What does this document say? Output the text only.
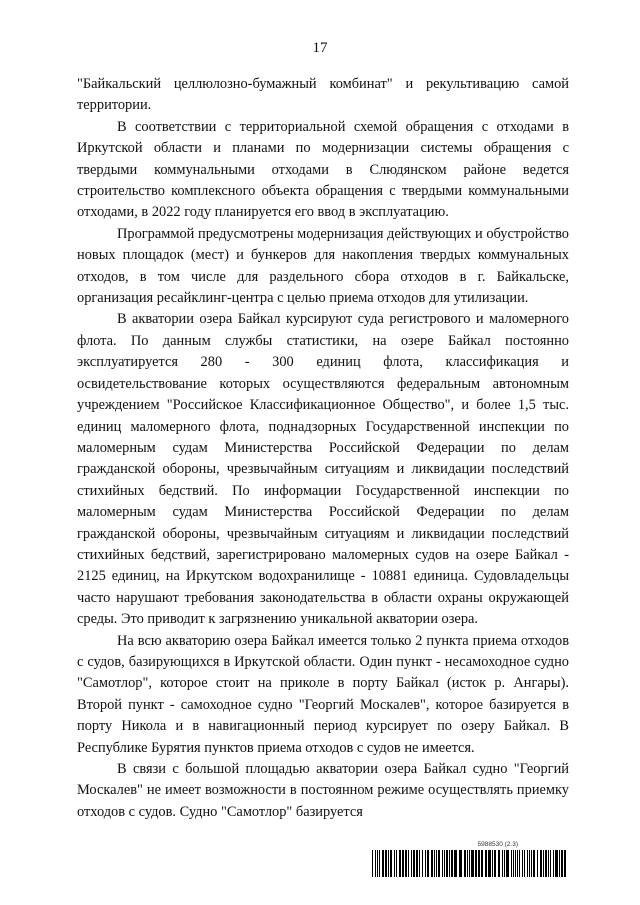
17

"Байкальский целлюлозно-бумажный комбинат" и рекультивацию самой территории.

В соответствии с территориальной схемой обращения с отходами в Иркутской области и планами по модернизации системы обращения с твердыми коммунальными отходами в Слюдянском районе ведется строительство комплексного объекта обращения с твердыми коммунальными отходами, в 2022 году планируется его ввод в эксплуатацию.

Программой предусмотрены модернизация действующих и обустройство новых площадок (мест) и бункеров для накопления твердых коммунальных отходов, в том числе для раздельного сбора отходов в г. Байкальске, организация ресайклинг-центра с целью приема отходов для утилизации.

В акватории озера Байкал курсируют суда регистрового и маломерного флота. По данным службы статистики, на озере Байкал постоянно эксплуатируется 280 - 300 единиц флота, классификация и освидетельствование которых осуществляются федеральным автономным учреждением "Российское Классификационное Общество", и более 1,5 тыс. единиц маломерного флота, поднадзорных Государственной инспекции по маломерным судам Министерства Российской Федерации по делам гражданской обороны, чрезвычайным ситуациям и ликвидации последствий стихийных бедствий. По информации Государственной инспекции по маломерным судам Министерства Российской Федерации по делам гражданской обороны, чрезвычайным ситуациям и ликвидации последствий стихийных бедствий, зарегистрировано маломерных судов на озере Байкал - 2125 единиц, на Иркутском водохранилище - 10881 единица. Судовладельцы часто нарушают требования законодательства в области охраны окружающей среды. Это приводит к загрязнению уникальной акватории озера.

На всю акваторию озера Байкал имеется только 2 пункта приема отходов с судов, базирующихся в Иркутской области. Один пункт - несамоходное судно "Самотлор", которое стоит на приколе в порту Байкал (исток р. Ангары). Второй пункт - самоходное судно "Георгий Москалев", которое базируется в порту Никола и в навигационный период курсирует по озеру Байкал. В Республике Бурятия пунктов приема отходов с судов не имеется.

В связи с большой площадью акватории озера Байкал судно "Георгий Москалев" не имеет возможности в постоянном режиме осуществлять приемку отходов с судов. Судно "Самотлор" базируется

5988530 (2.3)
